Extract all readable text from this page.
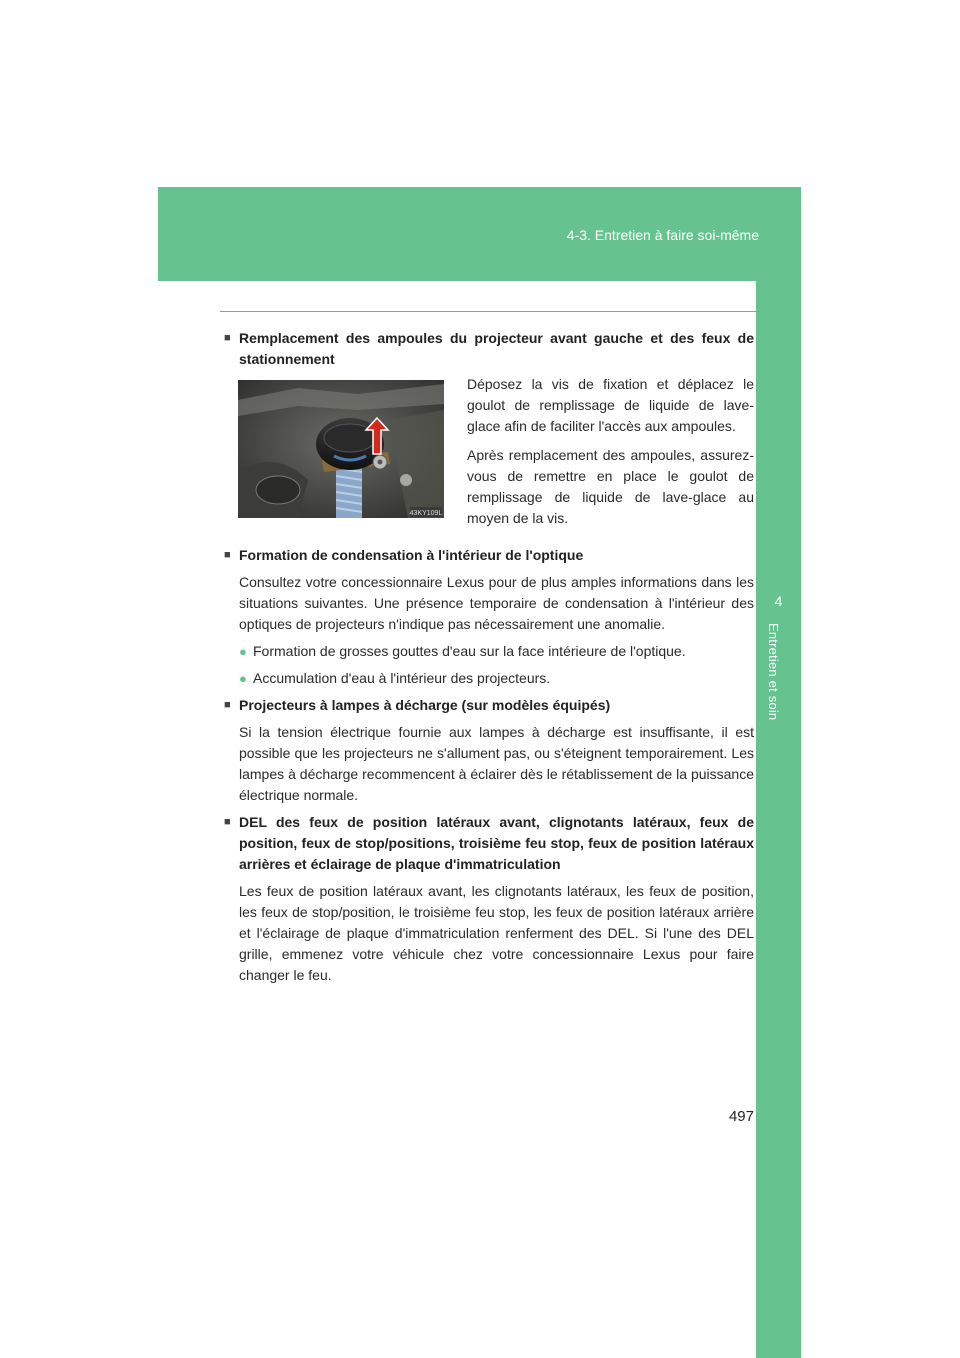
4-3. Entretien à faire soi-même
4
Entretien et soin
■ Remplacement des ampoules du projecteur avant gauche et des feux de stationnement
43KY109L

Déposez la vis de fixation et déplacez le goulot de remplissage de liquide de lave-glace afin de faciliter l'accès aux ampoules.

Après remplacement des ampoules, assurez-vous de remettre en place le goulot de remplissage de liquide de lave-glace au moyen de la vis.

■ Formation de condensation à l'intérieur de l'optique
Consultez votre concessionnaire Lexus pour de plus amples informations dans les situations suivantes. Une présence temporaire de condensation à l'intérieur des optiques de projecteurs n'indique pas nécessairement une anomalie.
● Formation de grosses gouttes d'eau sur la face intérieure de l'optique.
● Accumulation d'eau à l'intérieur des projecteurs.
■ Projecteurs à lampes à décharge (sur modèles équipés)
Si la tension électrique fournie aux lampes à décharge est insuffisante, il est possible que les projecteurs ne s'allument pas, ou s'éteignent temporairement. Les lampes à décharge recommencent à éclairer dès le rétablissement de la puissance électrique normale.
■ DEL des feux de position latéraux avant, clignotants latéraux, feux de position, feux de stop/positions, troisième feu stop, feux de position latéraux arrières et éclairage de plaque d'immatriculation
Les feux de position latéraux avant, les clignotants latéraux, les feux de position, les feux de stop/position, le troisième feu stop, les feux de position latéraux arrière et l'éclairage de plaque d'immatriculation renferment des DEL. Si l'une des DEL grille, emmenez votre véhicule chez votre concessionnaire Lexus pour faire changer le feu.
497
